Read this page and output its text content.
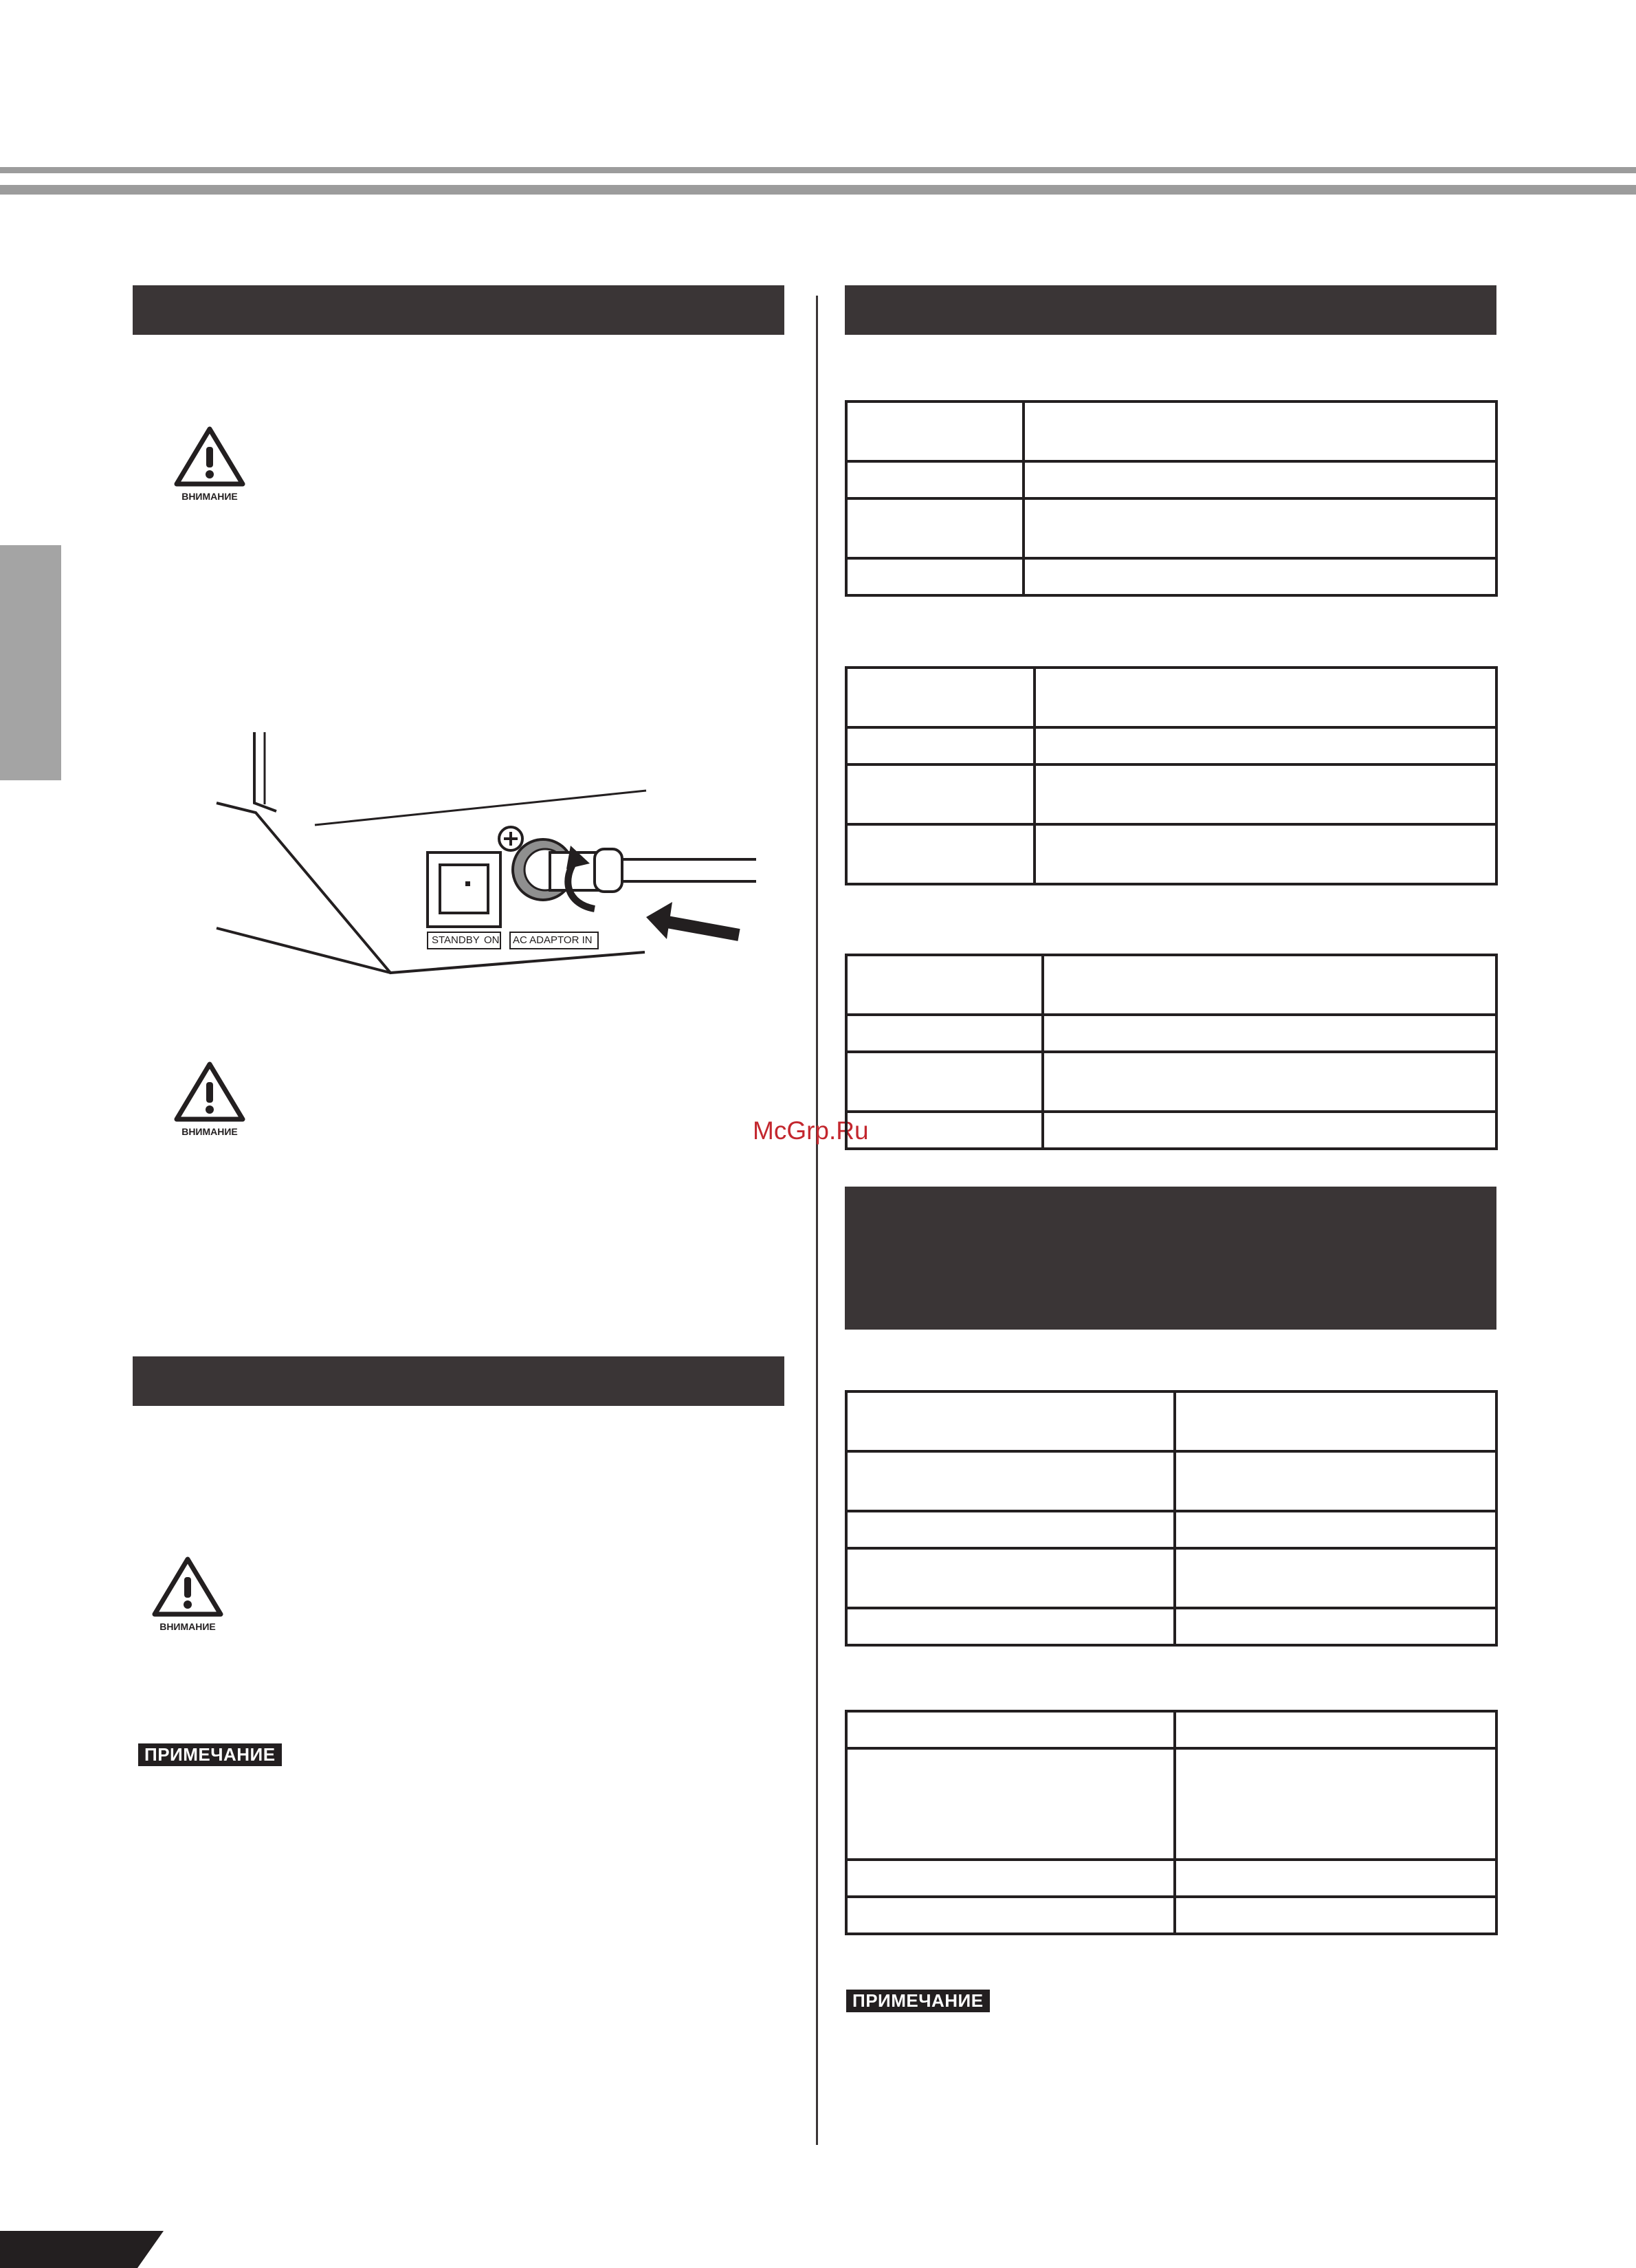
ВНИМАНИЕ
STANDBY ON AC ADAPTOR IN
ВНИМАНИЕ	McGrp.Ru
ВНИМАНИЕ
ПРИМЕЧАНИЕ

ПРИМЕЧАНИЕ
